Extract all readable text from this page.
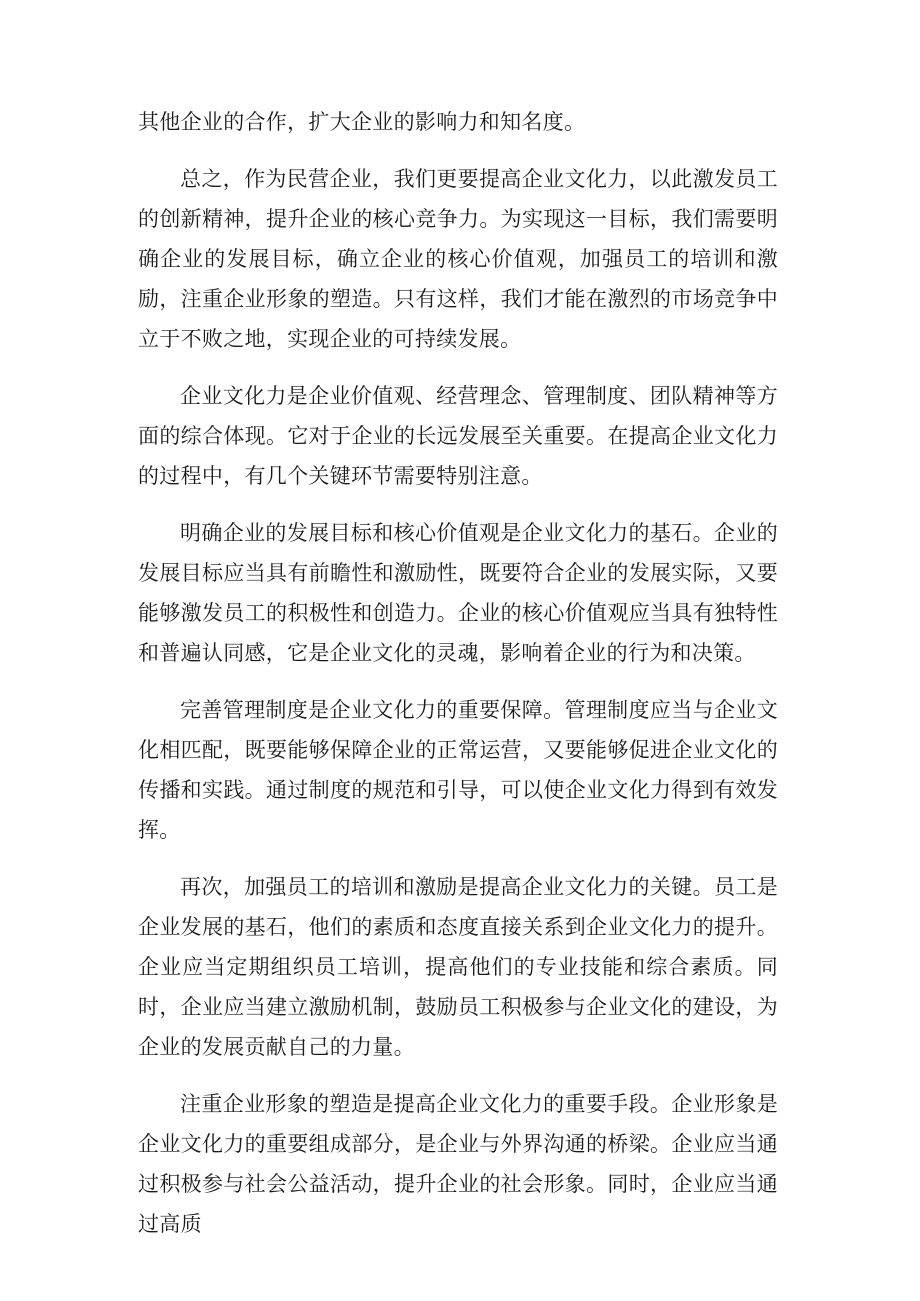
其他企业的合作，扩大企业的影响力和知名度。

总之，作为民营企业，我们更要提高企业文化力，以此激发员工的创新精神，提升企业的核心竞争力。为实现这一目标，我们需要明确企业的发展目标，确立企业的核心价值观，加强员工的培训和激励，注重企业形象的塑造。只有这样，我们才能在激烈的市场竞争中立于不败之地，实现企业的可持续发展。

企业文化力是企业价值观、经营理念、管理制度、团队精神等方面的综合体现。它对于企业的长远发展至关重要。在提高企业文化力的过程中，有几个关键环节需要特别注意。

明确企业的发展目标和核心价值观是企业文化力的基石。企业的发展目标应当具有前瞻性和激励性，既要符合企业的发展实际，又要能够激发员工的积极性和创造力。企业的核心价值观应当具有独特性和普遍认同感，它是企业文化的灵魂，影响着企业的行为和决策。

完善管理制度是企业文化力的重要保障。管理制度应当与企业文化相匹配，既要能够保障企业的正常运营，又要能够促进企业文化的传播和实践。通过制度的规范和引导，可以使企业文化力得到有效发挥。

再次，加强员工的培训和激励是提高企业文化力的关键。员工是企业发展的基石，他们的素质和态度直接关系到企业文化力的提升。企业应当定期组织员工培训，提高他们的专业技能和综合素质。同时，企业应当建立激励机制，鼓励员工积极参与企业文化的建设，为企业的发展贡献自己的力量。

注重企业形象的塑造是提高企业文化力的重要手段。企业形象是企业文化力的重要组成部分，是企业与外界沟通的桥梁。企业应当通过积极参与社会公益活动，提升企业的社会形象。同时，企业应当通过高质
